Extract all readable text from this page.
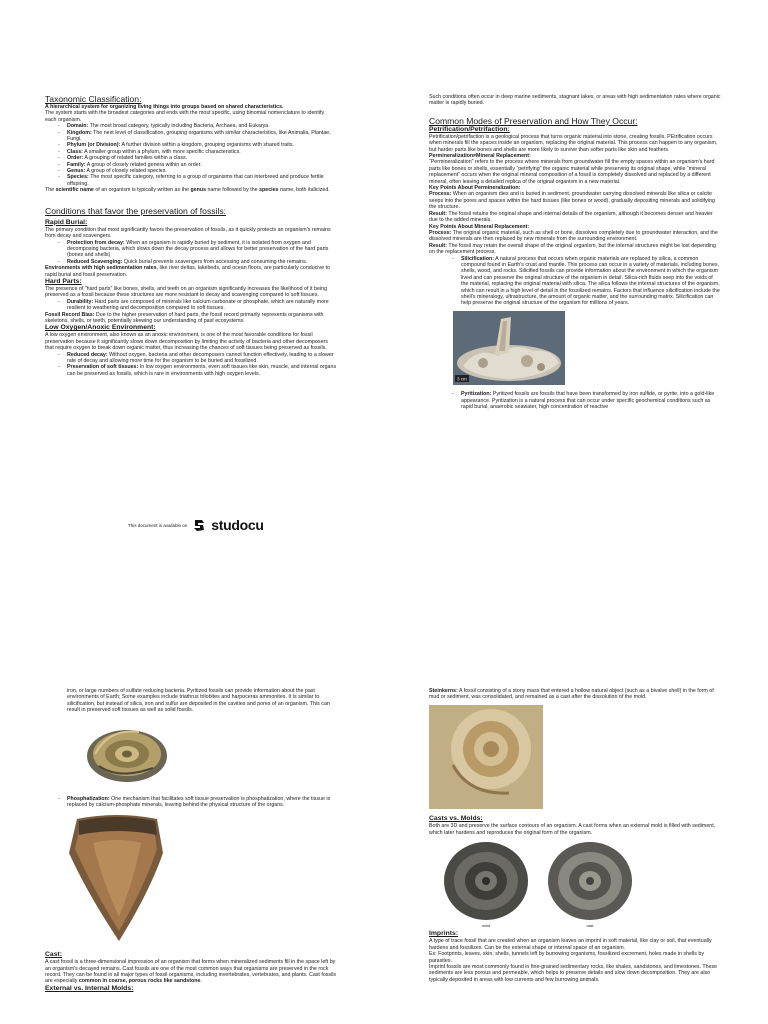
Taxonomic Classification:

A hierarchical system for organizing living things into groups based on shared characteristics.

The system starts with the broadest categories and ends with the most specific, using binomial nomenclature to identify each organism.

- Domain: The most broad category, typically including Bacteria, Archaea, and Eukarya.
- Kingdom: The next level of classification, grouping organisms with similar characteristics, like Animalia, Plantae, Fungi.
- Phylum (or Division): A further division within a kingdom, grouping organisms with shared traits.
- Class: A smaller group within a phylum, with more specific characteristics.
- Order: A grouping of related families within a class.
- Family: A group of closely related genera within an order.
- Genus: A group of closely related species.
- Species: The most specific category, referring to a group of organisms that can interbreed and produce fertile offspring.

The scientific name of an organism is typically written as the genus name followed by the species name, both italicized.

Conditions that favor the preservation of fossils:
Rapid Burial:

The primary condition that most significantly favors the preservation of fossils, as it quickly protects an organism's remains from decay and scavengers.

- Protection from decay: When an organism is rapidly buried by sediment, it is isolated from oxygen and decomposing bacteria, which slows down the decay process and allows for better preservation of the hard parts (bones and shells)
- Reduced Scavenging: Quick burial prevents scavengers from accessing and consuming the remains.

Environments with high sedimentation rates, like river deltas, lakebeds, and ocean floors, are particularly conducive to rapid burial and fossil preservation.

Hard Parts:

The presence of "hard parts" like bones, shells, and teeth on an organism significantly increases the likelihood of it being preserved as a fossil because these structures are more resistant to decay and scavenging compared to soft tissues.

- Durability: Hard parts are composed of minerals like calcium carbonate or phosphate, which are naturally more resilient to weathering and decomposition compared to soft tissues.

Fossil Record Bias: Due to the higher preservation of hard parts, the fossil record primarily represents organisms with skeletons, shells, or teeth, potentially skewing our understanding of past ecosystems.

Low Oxygen/Anoxic Environment:

A low oxygen environment, also known as an anoxic environment, is one of the most favorable conditions for fossil preservation because it significantly slows down decomposition by limiting the activity of bacteria and other decomposers that require oxygen to break down organic matter, thus increasing the chances of soft tissues being preserved as fossils.

- Reduced decay: Without oxygen, bacteria and other decomposers cannot function effectively, leading to a slower rate of decay and allowing more time for the organism to be buried and fossilized.
- Preservation of soft tissues: In low oxygen environments, even soft tissues like skin, muscle, and internal organs can be preserved as fossils, which is rare in environments with high oxygen levels.

Such conditions often occur in deep marine sediments, stagnant lakes, or areas with high sedimentation rates where organic matter is rapidly buried.

Common Modes of Preservation and How They Occur:
Petrification/Petrifaction:

Petrification/petrifaction is a geological process that turns organic material into stone, creating fossils. PEtrification occurs when minerals fill the spaces inside an organism, replacing the original material. This process can happen to any organism, but harder parts like bones and shells are more likely to survive than softer parts like skin and feathers.

Permineralization≠Mineral Replacement:

“Permineralization” refers to the process where minerals from groundwater fill the empty spaces within an organism's hard parts like bones or shells, essentially “petrifying” the organic material while preserving its original shape, while “mineral replacement” occurs when the original mineral composition of a fossil is completely dissolved and replaced by a different mineral, often leaving a detailed replica of the original organism in a new material.

Key Points About Permineralization:

Process: When an organism dies and is buried in sediment, groundwater carrying dissolved minerals like silica or calcite seeps into the pores and spaces within the hard tissues (like bones or wood), gradually depositing minerals and solidifying the structure.

Result: The fossil retains the original shape and internal details of the organism, although it becomes denser and heavier due to the added minerals.

Key Points About Mineral Replacement:

Process: The original organic material, such as shell or bone, dissolves completely due to groundwater interaction, and the dissolved minerals are then replaced by new minerals from the surrounding environment.

Result: The fossil may retain the overall shape of the original organism, but the internal structures might be lost depending on the replacement process.

- Silicification: A natural process that occurs when organic materials are replaced by silica, a common compound found in Earth's crust and mantle. This process can occur in a variety of materials, including bones, shells, wood, and rocks. Silicified fossils can provide information about the environment in which the organism lived and can preserve the original structure of the organism in detail. Silica-rich fluids seep into the voids of the material, replacing the original material with silica. The silica follows the internal structures of the organism, which can result in a high level of detail in the fossilized remains. Factors that influence silicification include the shell's mineralogy, ultrastructure, the amount of organic matter, and the surrounding matrix. Silicification can help preserve the original structure of the organism for millions of years.
3 cm
- Pyritization: Pyritized fossils are fossils that have been transformed by iron sulfide, or pyrite, into a gold-like appearance. Pyritization is a natural process that can occur under specific geochemical conditions such as rapid burial, anaerobic seawater, high concentration of reactive
This document is available on studocu

iron, or large numbers of sulfate reducing bacteria. Pyritized fossils can provide information about the past environments of Earth; Some examples include triathrus trilobites and harpoceras ammonites. It is similar to silicification, but instead of silica, iron and sulfur are deposited in the cavities and pores of an organism. This can result in preserved soft tissues as well as solid fossils.

- Phosphatization: One mechanism that facilitates soft tissue preservation is phosphatization, where the tissue is replaced by calcium-phosphate minerals, leaving behind the physical structure of the organs.
Cast:

A cast fossil is a three-dimensional impression of an organism that forms when mineralized sediments fill in the space left by an organism's decayed remains. Cast fossils are one of the most common ways that organisms are preserved in the rock record. They can be found in all major types of fossil organisms, including invertebrates, vertebrates, and plants. Cast fossils are especially common in coarse, porous rocks like sandstone.

External vs. Internal Molds:

Steinkerns: A fossil consisting of a stony mass that entered a hollow natural object (such as a bivalve shell) in the form of mud or sediment, was consolidated, and remained as a cast after the dissolution of the mold.

Casts vs. Molds:

Both are 3D and preserve the surface contours of an organism. A cast forms when an external mold is filled with sediment, which later hardens and reproduces the original form of the organism.

mold	cast
Imprints:

A type of trace fossil that are created when an organism leaves an imprint in soft material, like clay or soil, that eventually hardens and fossilizes. Can be the external shape or internal space of an organism.

Ex: Footprints, leaves, skin, shells, tunnels left by burrowing organisms, fossilized excrement, holes made in shells by parasites.

Imprint fossils are most commonly found in fine-grained sedimentary rocks, like shales, sandstones, and limestones. These sediments are less porous and permeable, which helps to preserve details and slow down decomposition. They are also typically deposited in areas with low currents and few burrowing animals.
